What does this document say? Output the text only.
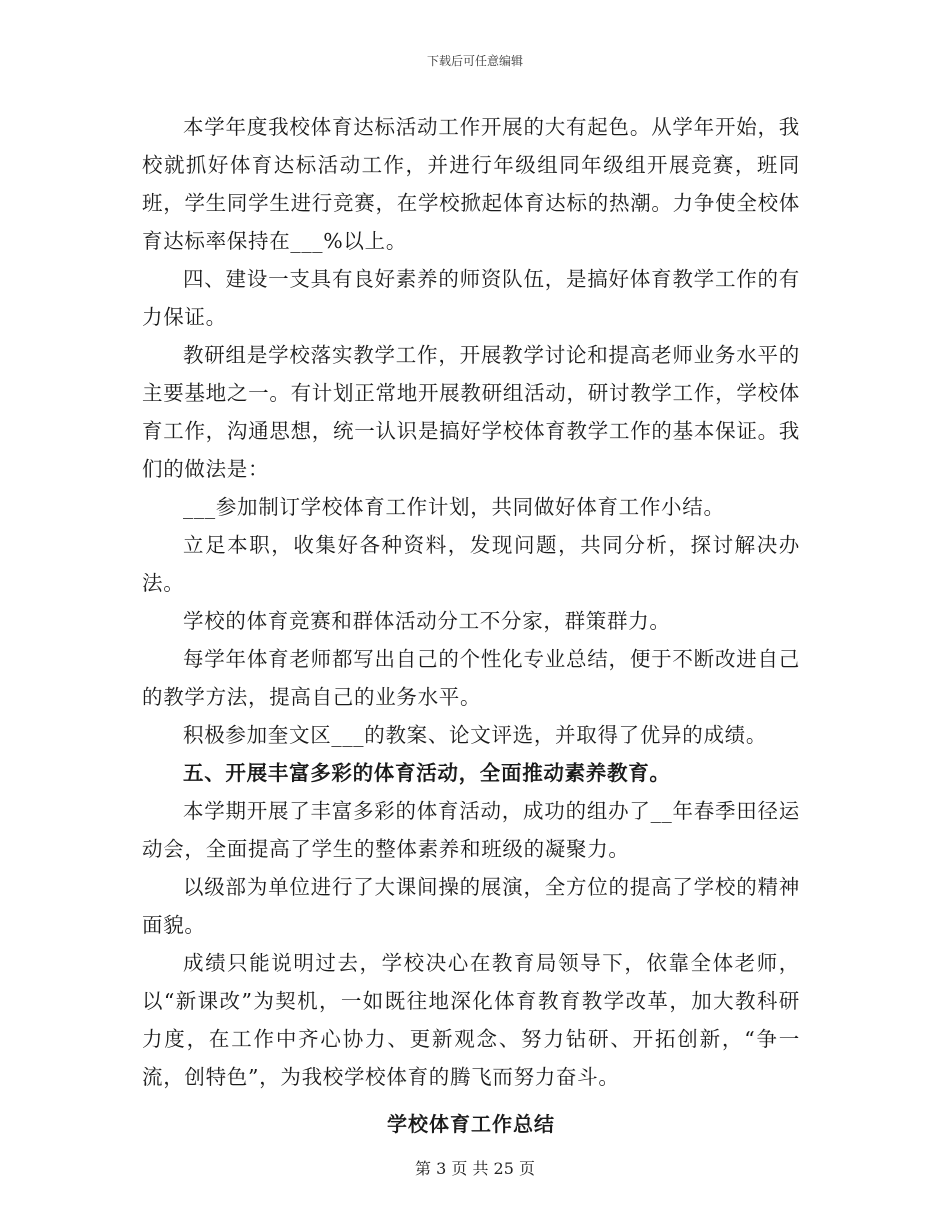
下载后可任意编辑

本学年度我校体育达标活动工作开展的大有起色。从学年开始，我校就抓好体育达标活动工作，并进行年级组同年级组开展竞赛，班同班，学生同学生进行竞赛，在学校掀起体育达标的热潮。力争使全校体育达标率保持在___%以上。

四、建设一支具有良好素养的师资队伍，是搞好体育教学工作的有力保证。

教研组是学校落实教学工作，开展教学讨论和提高老师业务水平的主要基地之一。有计划正常地开展教研组活动，研讨教学工作，学校体育工作，沟通思想，统一认识是搞好学校体育教学工作的基本保证。我们的做法是：

___参加制订学校体育工作计划，共同做好体育工作小结。

立足本职，收集好各种资料，发现问题，共同分析，探讨解决办法。

学校的体育竞赛和群体活动分工不分家，群策群力。

每学年体育老师都写出自己的个性化专业总结，便于不断改进自己的教学方法，提高自己的业务水平。

积极参加奎文区___的教案、论文评选，并取得了优异的成绩。

五、开展丰富多彩的体育活动，全面推动素养教育。

本学期开展了丰富多彩的体育活动，成功的组办了__年春季田径运动会，全面提高了学生的整体素养和班级的凝聚力。

以级部为单位进行了大课间操的展演，全方位的提高了学校的精神面貌。

成绩只能说明过去，学校决心在教育局领导下，依靠全体老师，以“新课改”为契机，一如既往地深化体育教育教学改革，加大教科研力度，在工作中齐心协力、更新观念、努力钻研、开拓创新，“争一流，创特色”，为我校学校体育的腾飞而努力奋斗。

学校体育工作总结
第 3 页 共 25 页
